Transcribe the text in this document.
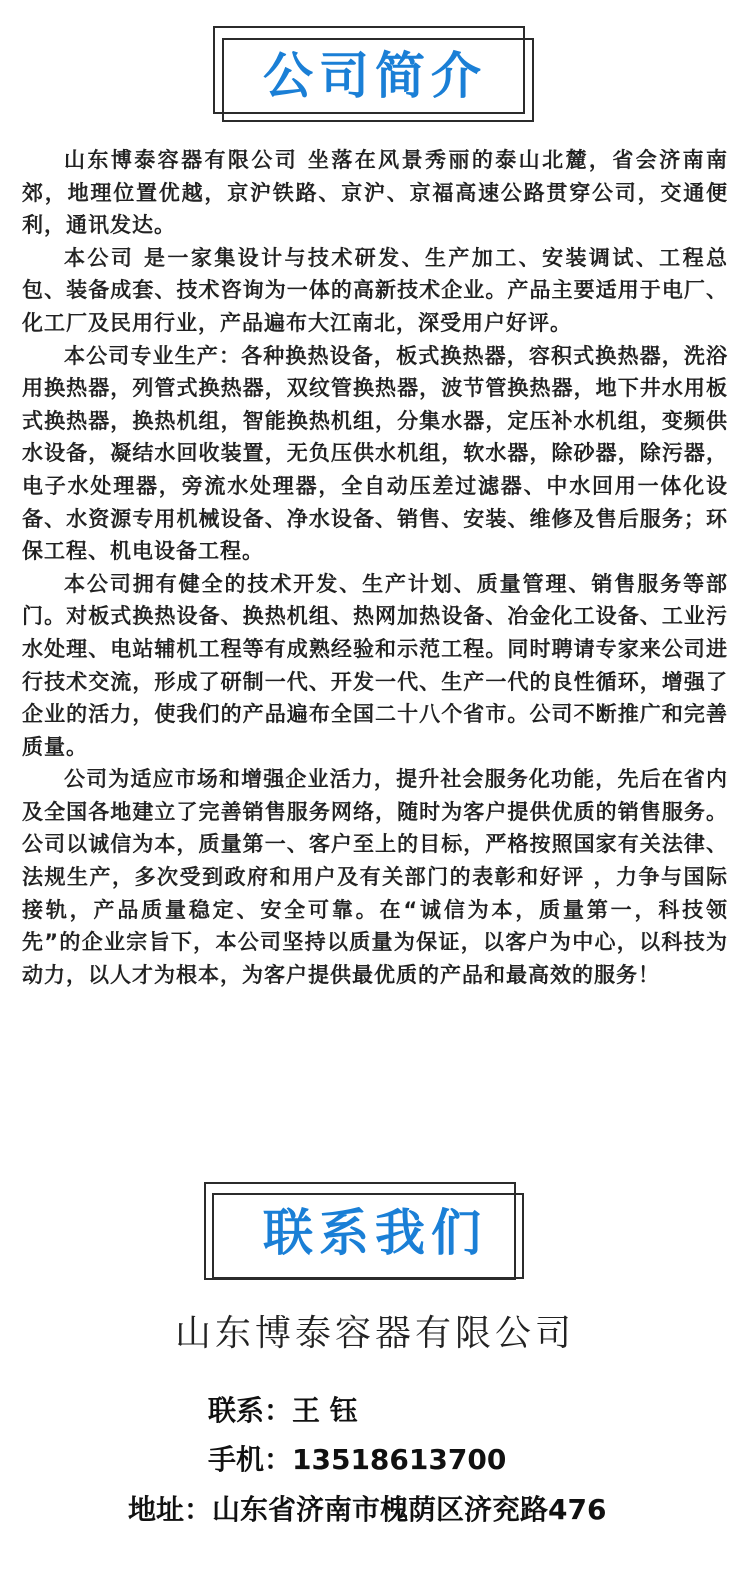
公司简介

山东博泰容器有限公司 坐落在风景秀丽的泰山北麓，省会济南南郊，地理位置优越，京沪铁路、京沪、京福高速公路贯穿公司，交通便利，通讯发达。

本公司 是一家集设计与技术研发、生产加工、安装调试、工程总包、装备成套、技术咨询为一体的高新技术企业。产品主要适用于电厂、化工厂及民用行业，产品遍布大江南北，深受用户好评。

本公司专业生产：各种换热设备，板式换热器，容积式换热器，洗浴用换热器，列管式换热器，双纹管换热器，波节管换热器，地下井水用板式换热器，换热机组，智能换热机组，分集水器，定压补水机组，变频供水设备，凝结水回收装置，无负压供水机组，软水器，除砂器，除污器，电子水处理器，旁流水处理器，全自动压差过滤器、中水回用一体化设备、水资源专用机械设备、净水设备、销售、安装、维修及售后服务；环保工程、机电设备工程。

本公司拥有健全的技术开发、生产计划、质量管理、销售服务等部门。对板式换热设备、换热机组、热网加热设备、冶金化工设备、工业污水处理、电站辅机工程等有成熟经验和示范工程。同时聘请专家来公司进行技术交流，形成了研制一代、开发一代、生产一代的良性循环，增强了企业的活力，使我们的产品遍布全国二十八个省市。公司不断推广和完善质量。

公司为适应市场和增强企业活力，提升社会服务化功能，先后在省内及全国各地建立了完善销售服务网络，随时为客户提供优质的销售服务。公司以诚信为本，质量第一、客户至上的目标，严格按照国家有关法律、法规生产，多次受到政府和用户及有关部门的表彰和好评 ，力争与国际接轨，产品质量稳定、安全可靠。在“诚信为本，质量第一，科技领先”的企业宗旨下，本公司坚持以质量为保证，以客户为中心，以科技为动力，以人才为根本，为客户提供最优质的产品和最高效的服务！

联系我们
山东博泰容器有限公司
联系：王 钰
手机：13518613700
地址：山东省济南市槐荫区济兖路476
